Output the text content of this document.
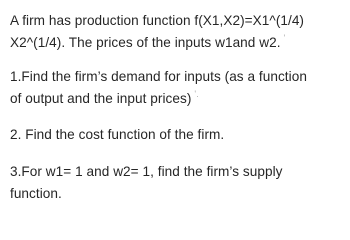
A firm has production function f(X1,X2)=X1^(1/4)
X2^(1/4). The prices of the inputs w1and w2. '

1.Find the firm’s demand for inputs (as a function
of output and the input prices) '.

2. Find the cost function of the firm.

3.For w1= 1 and w2= 1, find the firm’s supply
function.
